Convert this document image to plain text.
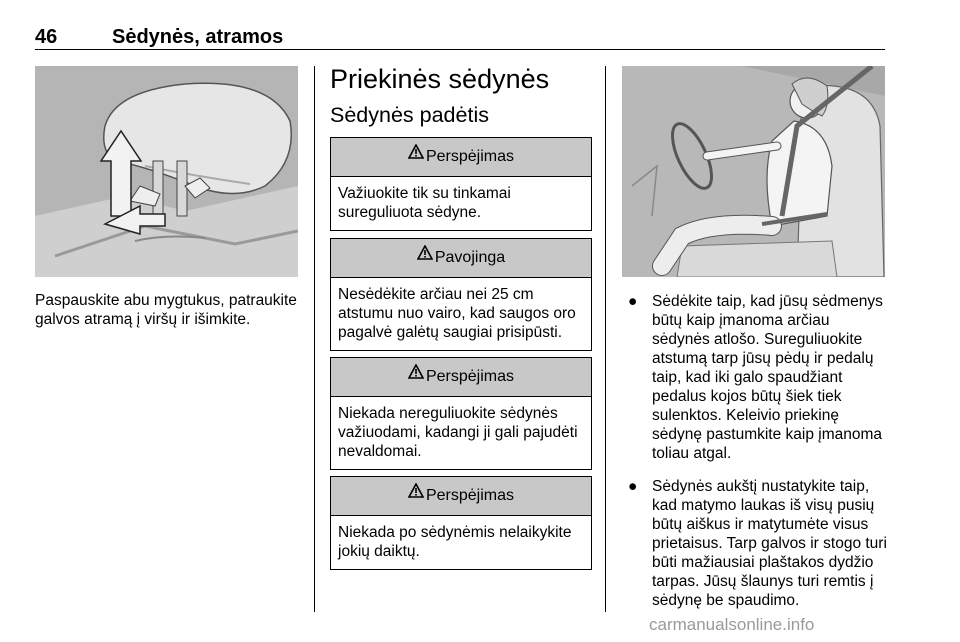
46	Sėdynės, atramos
Paspauskite abu mygtukus, patraukite galvos atramą į viršų ir išimkite.
Priekinės sėdynės
Sėdynės padėtis
Perspėjimas
Važiuokite tik su tinkamai sureguliuota sėdyne.
Pavojinga
Nesėdėkite arčiau nei 25 cm atstumu nuo vairo, kad saugos oro pagalvė galėtų saugiai prisipūsti.
Perspėjimas
Niekada nereguliuokite sėdynės važiuodami, kadangi ji gali pajudėti nevaldomai.
Perspėjimas
Niekada po sėdynėmis nelaikykite jokių daiktų.
● Sėdėkite taip, kad jūsų sėdmenys būtų kaip įmanoma arčiau sėdynės atlošo. Sureguliuokite atstumą tarp jūsų pėdų ir pedalų taip, kad iki galo spaudžiant pedalus kojos būtų šiek tiek sulenktos. Keleivio priekinę sėdynę pastumkite kaip įmanoma toliau atgal.
● Sėdynės aukštį nustatykite taip, kad matymo laukas iš visų pusių būtų aiškus ir matytumėte visus prietaisus. Tarp galvos ir stogo turi būti mažiausiai plaštakos dydžio tarpas. Jūsų šlaunys turi remtis į sėdynę be spaudimo.
carmanualsonline.info
